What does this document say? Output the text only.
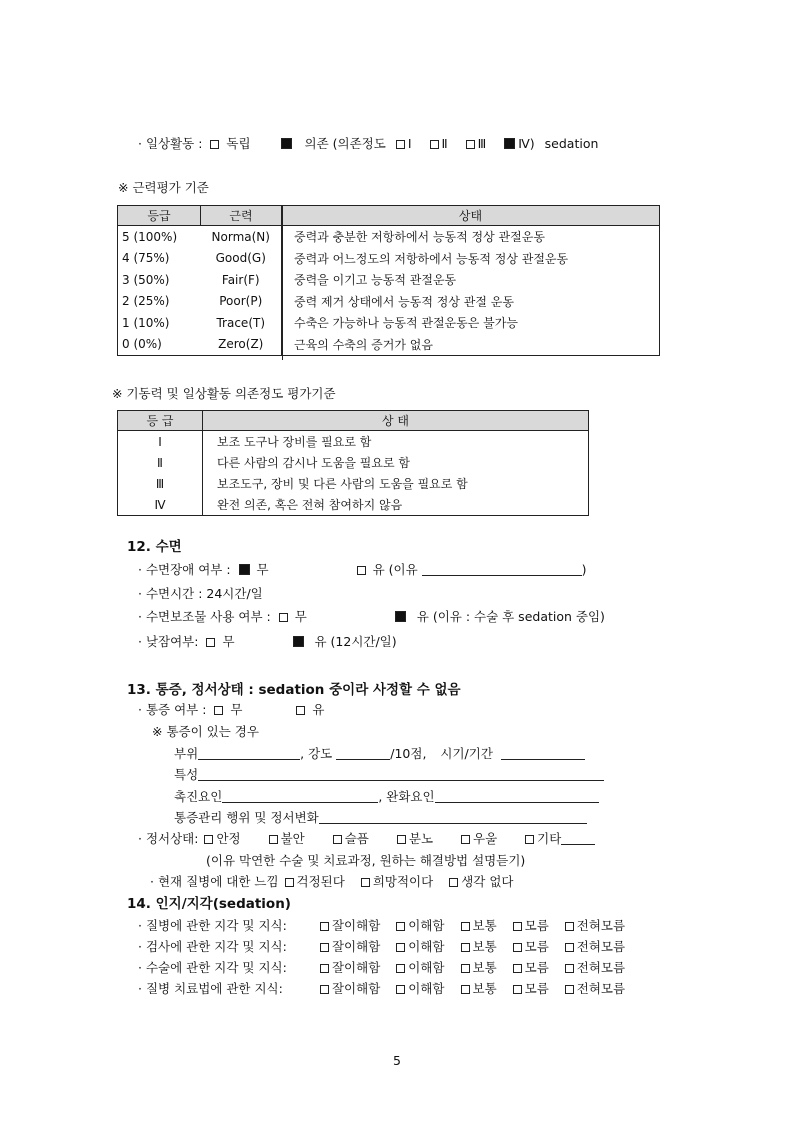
· 일상활동 : 독립	의존 (의존정도 Ⅰ Ⅱ Ⅲ	Ⅳ) sedation
※ 근력평가 기준
등급	근력	상태
5 (100%)	Norma(N)	중력과 충분한 저항하에서 능동적 정상 관절운동
4 (75%)	Good(G)	중력과 어느정도의 저항하에서 능동적 정상 관절운동
3 (50%)	Fair(F)	중력을 이기고 능동적 관절운동
2 (25%)	Poor(P)	중력 제거 상태에서 능동적 정상 관절 운동
1 (10%)	Trace(T)	수축은 가능하나 능동적 관절운동은 불가능
0 (0%)	Zero(Z)	근육의 수축의 증거가 없음
※ 기동력 및 일상활동 의존정도 평가기준
등 급	상 태
Ⅰ	보조 도구나 장비를 필요로 함
Ⅱ	다른 사람의 감시나 도움을 필요로 함
Ⅲ	보조도구, 장비 및 다른 사람의 도움을 필요로 함
Ⅳ	완전 의존, 혹은 전혀 참여하지 않음
12. 수면
· 수면장애 여부 : 무	유 (이유	)
· 수면시간 : 24시간/일
· 수면보조물 사용 여부 : 무	유 (이유 : 수술 후 sedation 중임)
· 낮잠여부: 무	유 (12시간/일)
13. 통증, 정서상태 : sedation 중이라 사정할 수 없음
· 통증 여부 : 무	유
※ 통증이 있는 경우
부위	, 강도	/10점, 시기/기간
특성
촉진요인	, 완화요인
통증관리 행위 및 정서변화
· 정서상태: 안정	불안	슬픔	분노	우울	기타
(이유 막연한 수술 및 치료과정, 원하는 해결방법 설명듣기)
· 현재 질병에 대한 느낌 걱정된다 희망적이다 생각 없다
14. 인지/지각(sedation)
· 질병에 관한 지각 및 지식:	잘이해함 이해함 보통 모름 전혀모름
· 검사에 관한 지각 및 지식:	잘이해함 이해함 보통 모름 전혀모름
· 수술에 관한 지각 및 지식:	잘이해함 이해함 보통 모름 전혀모름
· 질병 치료법에 관한 지식:	잘이해함 이해함 보통 모름 전혀모름
5
